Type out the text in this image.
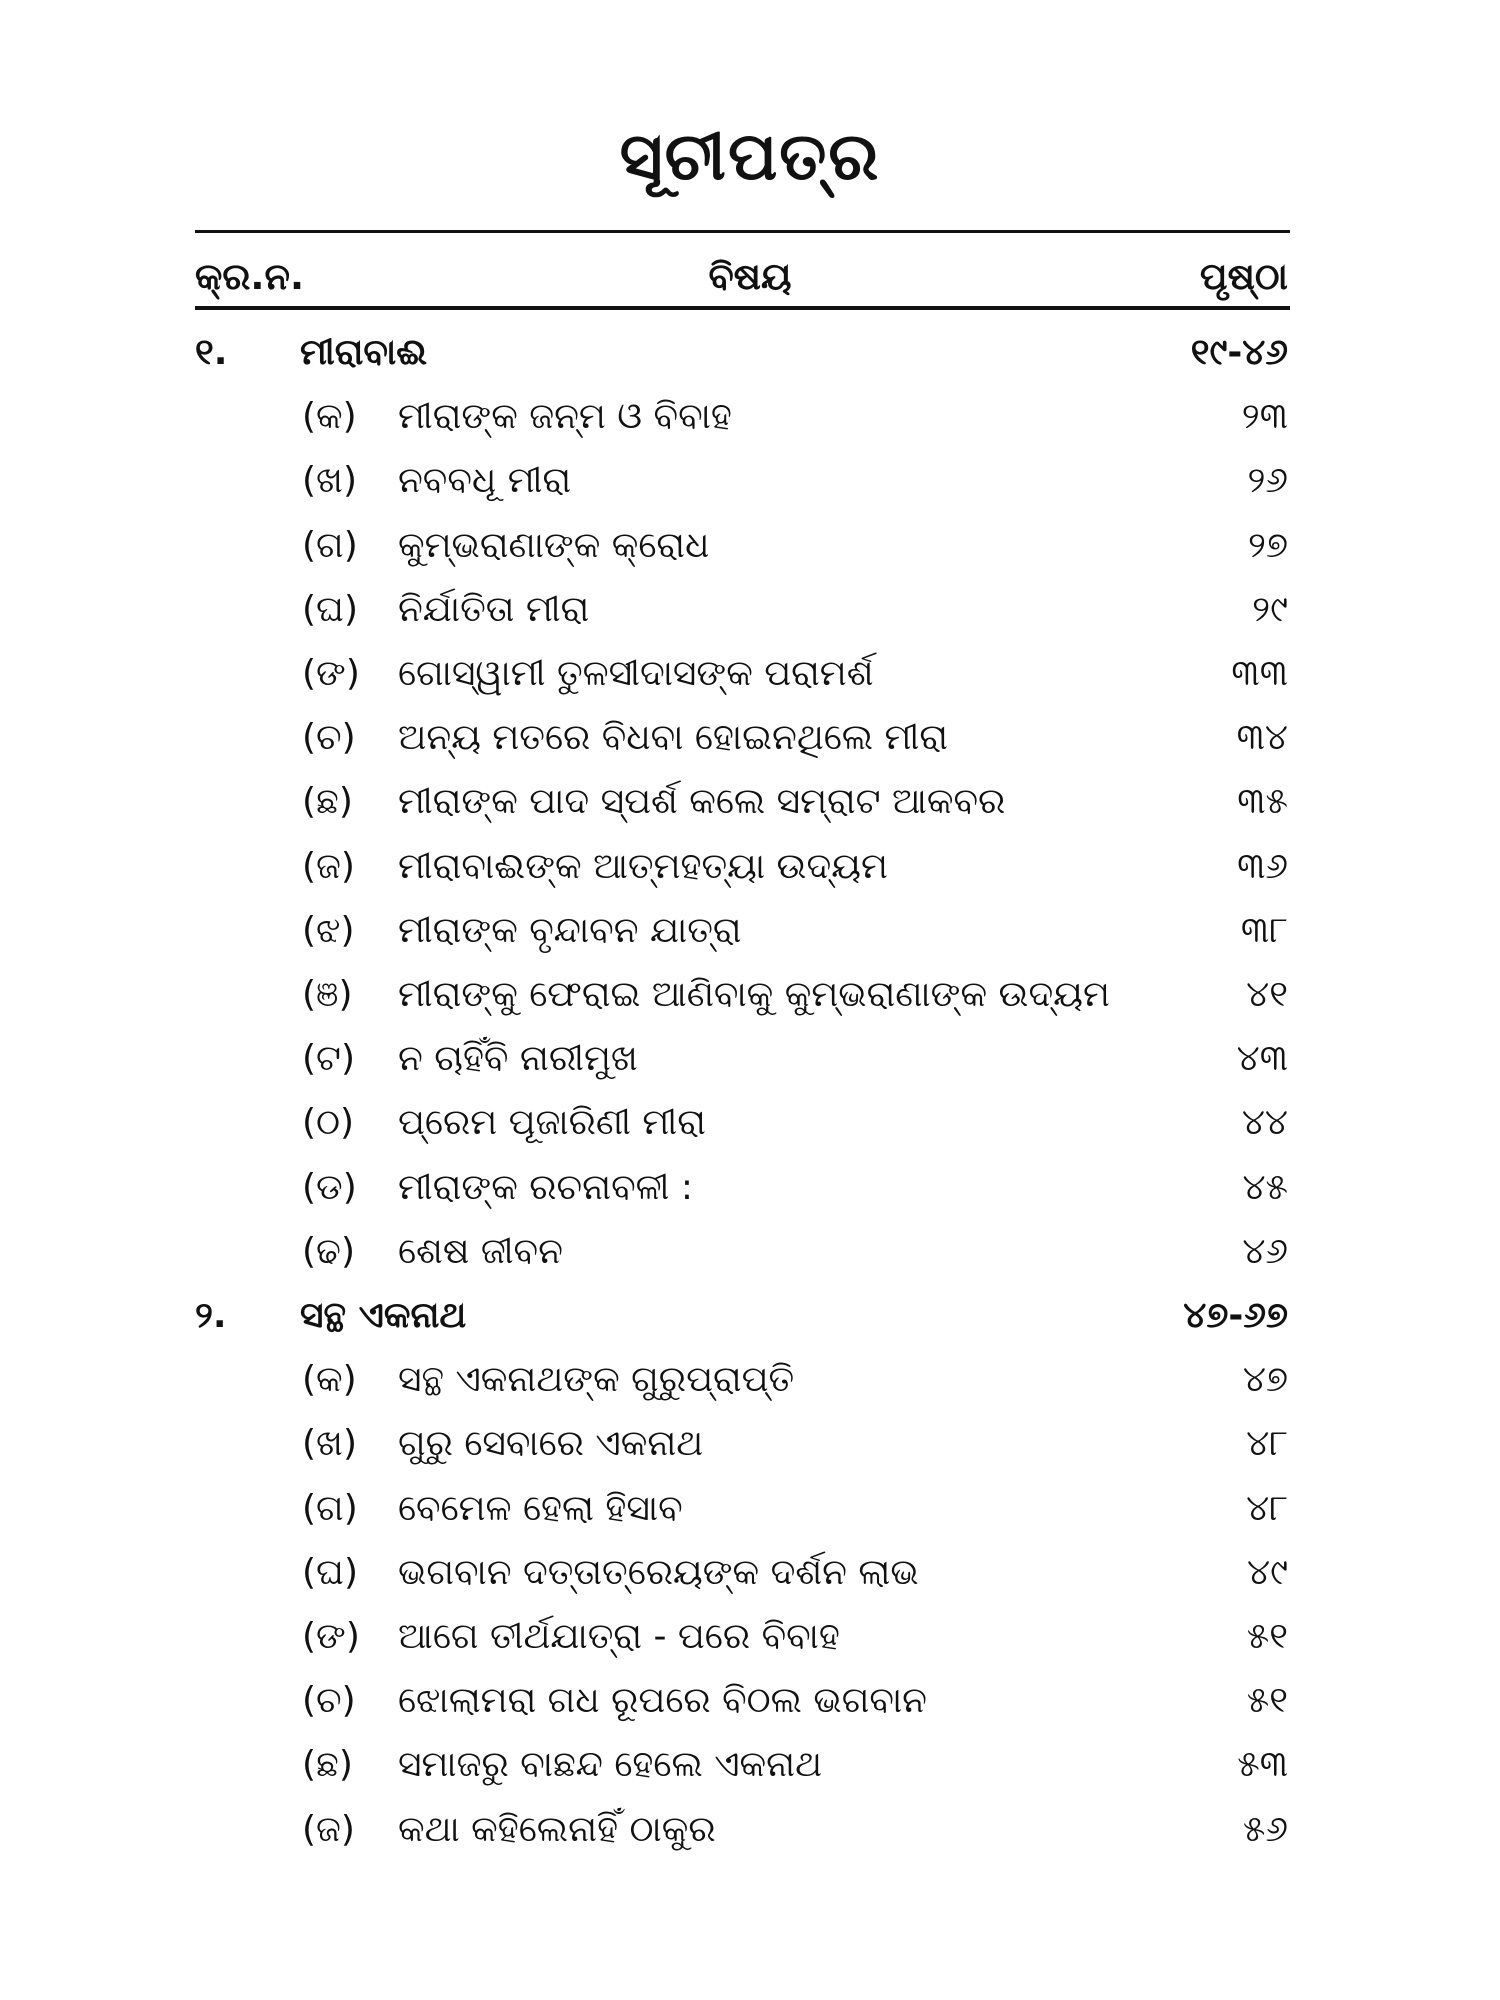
ସୂଚୀପତ୍ର
କ୍ର.ନ.	ବିଷୟ	ପୃଷ୍ଠା
୧. ମୀରାବାଈ	୧୯-୪୬
(କ) ମୀରାଙ୍କ ଜନ୍ମ ଓ ବିବାହ	୨୩
(ଖ) ନବବଧୂ ମୀରା	୨୬
(ଗ) କୁମ୍ଭରାଣାଙ୍କ କ୍ରୋଧ	୨୭
(ଘ) ନିର୍ଯାତିତା ମୀରା	୨୯
(ଙ) ଗୋସ୍ୱାମୀ ତୁଳସୀଦାସଙ୍କ ପରାମର୍ଶ	୩୩
(ଚ) ଅନ୍ୟ ମତରେ ବିଧବା ହୋଇନଥିଲେ ମୀରା	୩୪
(ଛ) ମୀରାଙ୍କ ପାଦ ସ୍ପର୍ଶ କଲେ ସମ୍ରାଟ ଆକବର	୩୫
(ଜ) ମୀରାବାଈଙ୍କ ଆତ୍ମହତ୍ୟା ଉଦ୍ୟମ	୩୬
(ଝ) ମୀରାଙ୍କ ବୃନ୍ଦାବନ ଯାତ୍ରା	୩୮
(ଞ) ମୀରାଙ୍କୁ ଫେରାଇ ଆଣିବାକୁ କୁମ୍ଭରାଣାଙ୍କ ଉଦ୍ୟମ	୪୧
(ଟ) ନ ଚାହିଁବି ନାରୀମୁଖ	୪୩
(ଠ) ପ୍ରେମ ପୂଜାରିଣୀ ମୀରା	୪୪
(ଡ) ମୀରାଙ୍କ ରଚନାବଳୀ :	୪୫
(ଢ) ଶେଷ ଜୀବନ	୪୬
୨. ସନ୍ଥ ଏକନାଥ	୪୭-୬୭
(କ) ସନ୍ଥ ଏକନାଥଙ୍କ ଗୁରୁପ୍ରାପ୍ତି	୪୭
(ଖ) ଗୁରୁ ସେବାରେ ଏକନାଥ	୪୮
(ଗ) ବେମେଳ ହେଲା ହିସାବ	୪୮
(ଘ) ଭଗବାନ ଦତ୍ତାତ୍ରେୟଙ୍କ ଦର୍ଶନ ଲାଭ	୪୯
(ଙ) ଆଗେ ତୀର୍ଥଯାତ୍ରା - ପରେ ବିବାହ	୫୧
(ଚ) ଝୋଲାମରା ଗଧ ରୂପରେ ବିଠଲ ଭଗବାନ	୫୧
(ଛ) ସମାଜରୁ ବାଛନ୍ଦ ହେଲେ ଏକନାଥ	୫୩
(ଜ) କଥା କହିଲେନାହିଁ ଠାକୁର	୫୬
